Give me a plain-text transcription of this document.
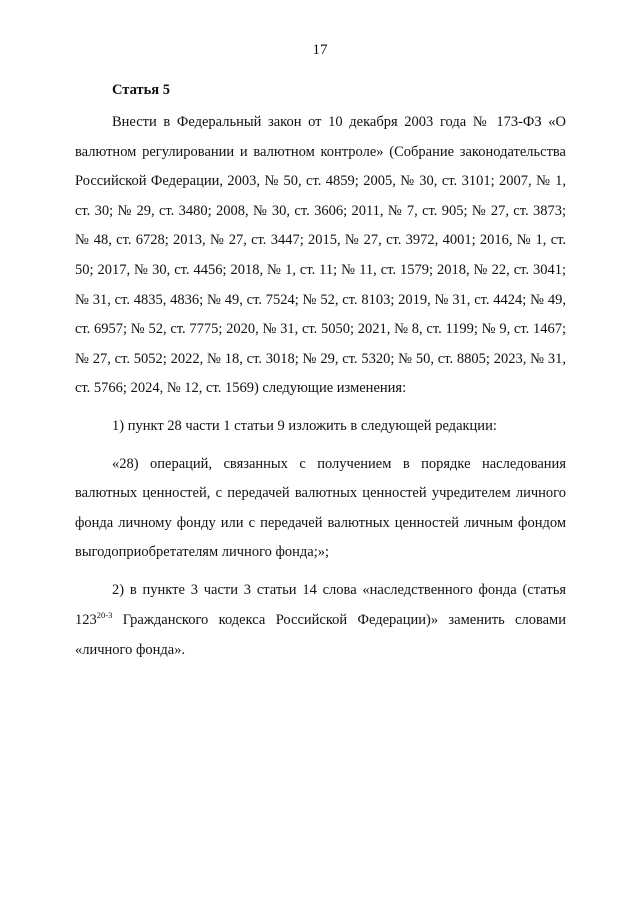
17
Статья 5

Внести в Федеральный закон от 10 декабря 2003 года № 173-ФЗ «О валютном регулировании и валютном контроле» (Собрание законодательства Российской Федерации, 2003, № 50, ст. 4859; 2005, № 30, ст. 3101; 2007, № 1, ст. 30; № 29, ст. 3480; 2008, № 30, ст. 3606; 2011, № 7, ст. 905; № 27, ст. 3873; № 48, ст. 6728; 2013, № 27, ст. 3447; 2015, № 27, ст. 3972, 4001; 2016, № 1, ст. 50; 2017, № 30, ст. 4456; 2018, № 1, ст. 11; № 11, ст. 1579; 2018, № 22, ст. 3041; № 31, ст. 4835, 4836; № 49, ст. 7524; № 52, ст. 8103; 2019, № 31, ст. 4424; № 49, ст. 6957; № 52, ст. 7775; 2020, № 31, ст. 5050; 2021, № 8, ст. 1199; № 9, ст. 1467; № 27, ст. 5052; 2022, № 18, ст. 3018; № 29, ст. 5320; № 50, ст. 8805; 2023, № 31, ст. 5766; 2024, № 12, ст. 1569) следующие изменения:

1) пункт 28 части 1 статьи 9 изложить в следующей редакции:

«28) операций, связанных с получением в порядке наследования валютных ценностей, с передачей валютных ценностей учредителем личного фонда личному фонду или с передачей валютных ценностей личным фондом выгодоприобретателям личного фонда;»;

2) в пункте 3 части 3 статьи 14 слова «наследственного фонда (статья 123$^{20-3}$ Гражданского кодекса Российской Федерации)» заменить словами «личного фонда».
